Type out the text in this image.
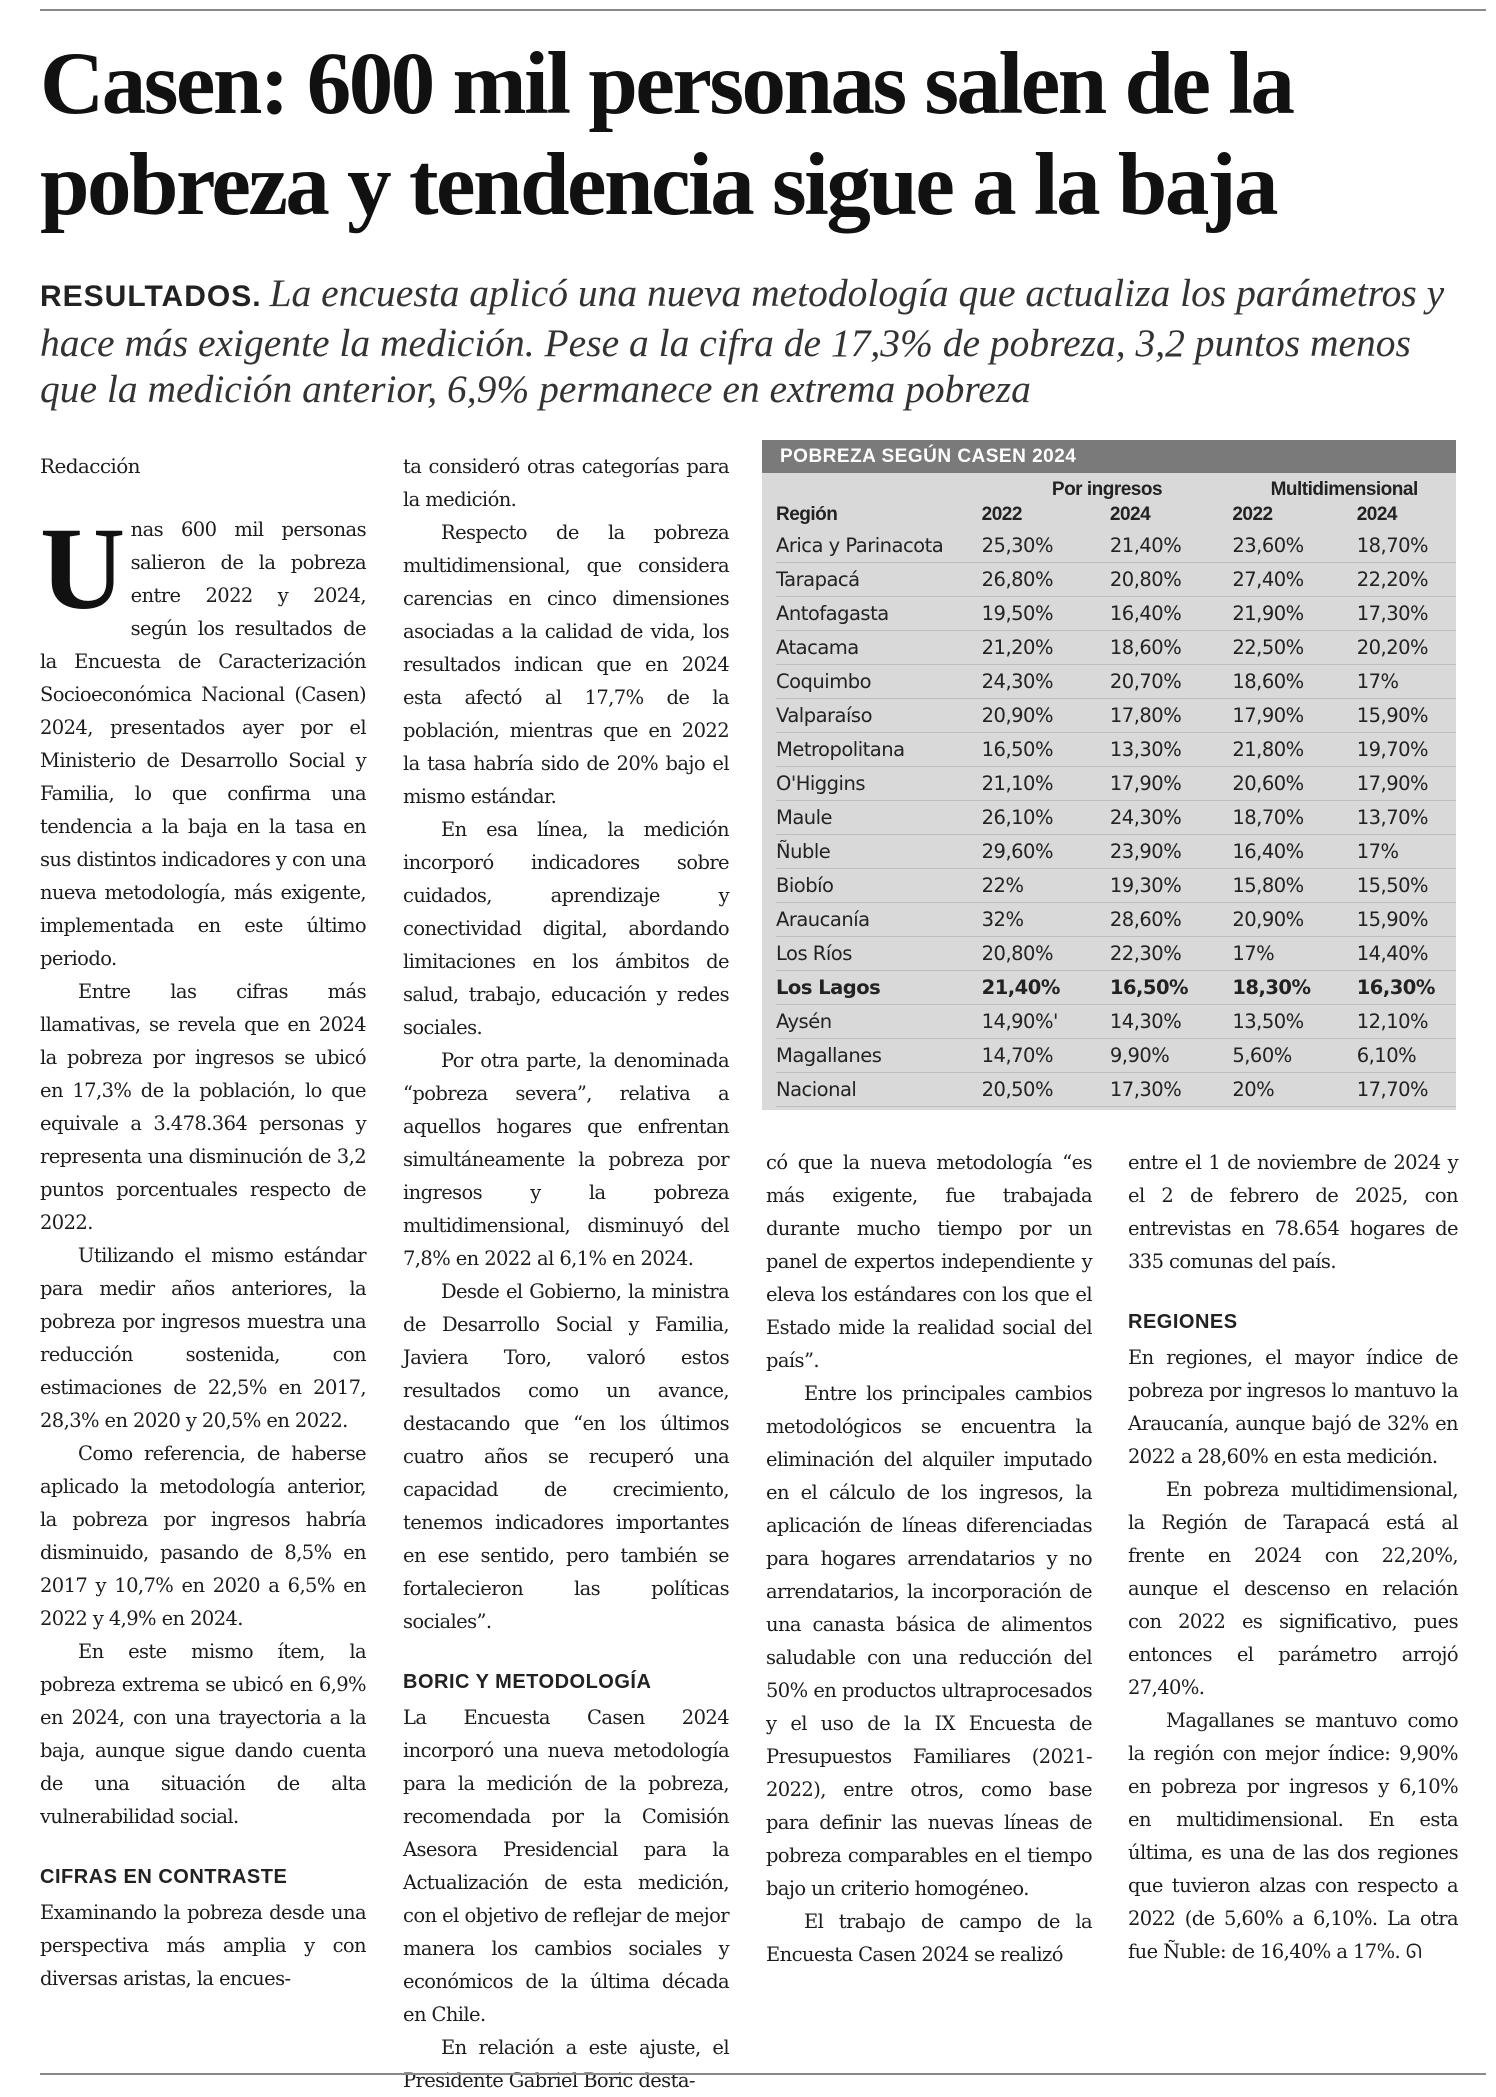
Casen: 600 mil personas salen de la pobreza y tendencia sigue a la baja

RESULTADOS. La encuesta aplicó una nueva metodología que actualiza los parámetros y hace más exigente la medición. Pese a la cifra de 17,3% de pobreza, 3,2 puntos menos que la medición anterior, 6,9% permanece en extrema pobreza

Redacción

Unas 600 mil personas salieron de la pobreza entre 2022 y 2024, según los resultados de la Encuesta de Caracterización Socioeconómica Nacional (Casen) 2024, presentados ayer por el Ministerio de Desarrollo Social y Familia, lo que confirma una tendencia a la baja en la tasa en sus distintos indicadores y con una nueva metodología, más exigente, implementada en este último periodo.

Entre las cifras más llamativas, se revela que en 2024 la pobreza por ingresos se ubicó en 17,3% de la población, lo que equivale a 3.478.364 personas y representa una disminución de 3,2 puntos porcentuales respecto de 2022.

Utilizando el mismo estándar para medir años anteriores, la pobreza por ingresos muestra una reducción sostenida, con estimaciones de 22,5% en 2017, 28,3% en 2020 y 20,5% en 2022.

Como referencia, de haberse aplicado la metodología anterior, la pobreza por ingresos habría disminuido, pasando de 8,5% en 2017 y 10,7% en 2020 a 6,5% en 2022 y 4,9% en 2024.

En este mismo ítem, la pobreza extrema se ubicó en 6,9% en 2024, con una trayectoria a la baja, aunque sigue dando cuenta de una situación de alta vulnerabilidad social.

CIFRAS EN CONTRASTE

Examinando la pobreza desde una perspectiva más amplia y con diversas aristas, la encues-

ta consideró otras categorías para la medición.

Respecto de la pobreza multidimensional, que considera carencias en cinco dimensiones asociadas a la calidad de vida, los resultados indican que en 2024 esta afectó al 17,7% de la población, mientras que en 2022 la tasa habría sido de 20% bajo el mismo estándar.

En esa línea, la medición incorporó indicadores sobre cuidados, aprendizaje y conectividad digital, abordando limitaciones en los ámbitos de salud, trabajo, educación y redes sociales.

Por otra parte, la denominada “pobreza severa”, relativa a aquellos hogares que enfrentan simultáneamente la pobreza por ingresos y la pobreza multidimensional, disminuyó del 7,8% en 2022 al 6,1% en 2024.

Desde el Gobierno, la ministra de Desarrollo Social y Familia, Javiera Toro, valoró estos resultados como un avance, destacando que “en los últimos cuatro años se recuperó una capacidad de crecimiento, tenemos indicadores importantes en ese sentido, pero también se fortalecieron las políticas sociales”.

BORIC Y METODOLOGÍA

La Encuesta Casen 2024 incorporó una nueva metodología para la medición de la pobreza, recomendada por la Comisión Asesora Presidencial para la Actualización de esta medición, con el objetivo de reflejar de mejor manera los cambios sociales y económicos de la última década en Chile.

En relación a este ajuste, el Presidente Gabriel Boric desta-

POBREZA SEGÚN CASEN 2024
	Por ingresos		Multidimensional	
Región	2022	2024	2022	2024
Arica y Parinacota	25,30%	21,40%	23,60%	18,70%
Tarapacá	26,80%	20,80%	27,40%	22,20%
Antofagasta	19,50%	16,40%	21,90%	17,30%
Atacama	21,20%	18,60%	22,50%	20,20%
Coquimbo	24,30%	20,70%	18,60%	17%
Valparaíso	20,90%	17,80%	17,90%	15,90%
Metropolitana	16,50%	13,30%	21,80%	19,70%
O'Higgins	21,10%	17,90%	20,60%	17,90%
Maule	26,10%	24,30%	18,70%	13,70%
Ñuble	29,60%	23,90%	16,40%	17%
Biobío	22%	19,30%	15,80%	15,50%
Araucanía	32%	28,60%	20,90%	15,90%
Los Ríos	20,80%	22,30%	17%	14,40%
Los Lagos	21,40%	16,50%	18,30%	16,30%
Aysén	14,90%'	14,30%	13,50%	12,10%
Magallanes	14,70%	9,90%	5,60%	6,10%
Nacional	20,50%	17,30%	20%	17,70%

có que la nueva metodología “es más exigente, fue trabajada durante mucho tiempo por un panel de expertos independiente y eleva los estándares con los que el Estado mide la realidad social del país”.

Entre los principales cambios metodológicos se encuentra la eliminación del alquiler imputado en el cálculo de los ingresos, la aplicación de líneas diferenciadas para hogares arrendatarios y no arrendatarios, la incorporación de una canasta básica de alimentos saludable con una reducción del 50% en productos ultraprocesados y el uso de la IX Encuesta de Presupuestos Familiares (2021-2022), entre otros, como base para definir las nuevas líneas de pobreza comparables en el tiempo bajo un criterio homogéneo.

El trabajo de campo de la Encuesta Casen 2024 se realizó

entre el 1 de noviembre de 2024 y el 2 de febrero de 2025, con entrevistas en 78.654 hogares de 335 comunas del país.

REGIONES

En regiones, el mayor índice de pobreza por ingresos lo mantuvo la Araucanía, aunque bajó de 32% en 2022 a 28,60% en esta medición.

En pobreza multidimensional, la Región de Tarapacá está al frente en 2024 con 22,20%, aunque el descenso en relación con 2022 es significativo, pues entonces el parámetro arrojó 27,40%.

Magallanes se mantuvo como la región con mejor índice: 9,90% en pobreza por ingresos y 6,10% en multidimensional. En esta última, es una de las dos regiones que tuvieron alzas con respecto a 2022 (de 5,60% a 6,10%. La otra fue Ñuble: de 16,40% a 17%. ᘏ
